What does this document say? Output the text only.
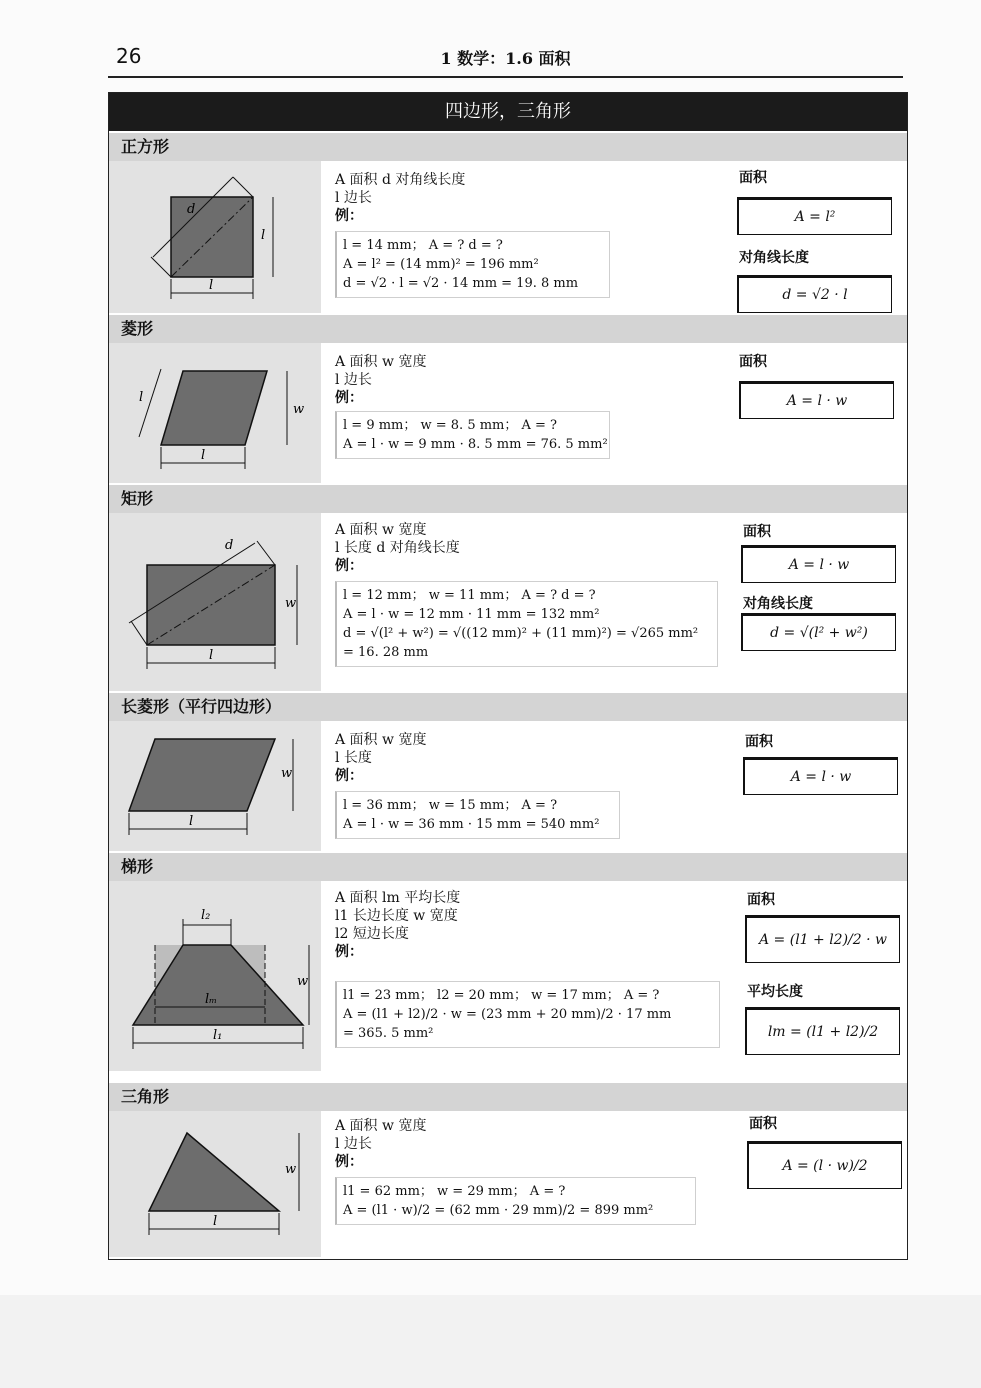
26	1 数学：1.6 面积
四边形，三角形
正方形
l
l
d
A 面积 d 对角线长度
l 边长
例：
l = 14 mm； A = ? d = ?
A = l² = (14 mm)² = 196 mm²
d = √2 · l = √2 · 14 mm = 19. 8 mm
面积
A = l²
对角线长度
d = √2 · l
菱形
l
w
l
A 面积 w 宽度
l 边长
例：
l = 9 mm； w = 8. 5 mm； A = ?
A = l · w = 9 mm · 8. 5 mm = 76. 5 mm²
面积
A = l · w
矩形
l
w
d
A 面积 w 宽度
l 长度 d 对角线长度
例：
l = 12 mm； w = 11 mm； A = ? d = ?
A = l · w = 12 mm · 11 mm = 132 mm²
d = √(l² + w²) = √((12 mm)² + (11 mm)²) = √265 mm²
= 16. 28 mm
面积
A = l · w
对角线长度
d = √(l² + w²)
长菱形（平行四边形）
l
w
A 面积 w 宽度
l 长度
例：
l = 36 mm； w = 15 mm； A = ?
A = l · w = 36 mm · 15 mm = 540 mm²
面积
A = l · w
梯形
l₂
lₘ
l₁
w
A 面积 lm 平均长度
l1 长边长度 w 宽度
l2 短边长度
例：
l1 = 23 mm； l2 = 20 mm； w = 17 mm； A = ?
A = (l1 + l2)/2 · w = (23 mm + 20 mm)/2 · 17 mm
= 365. 5 mm²
面积
A = (l1 + l2)/2 · w
平均长度
lm = (l1 + l2)/2
三角形
l
w
A 面积 w 宽度
l 边长
例：
l1 = 62 mm； w = 29 mm； A = ?
A = (l1 · w)/2 = (62 mm · 29 mm)/2 = 899 mm²
面积
A = (l · w)/2
